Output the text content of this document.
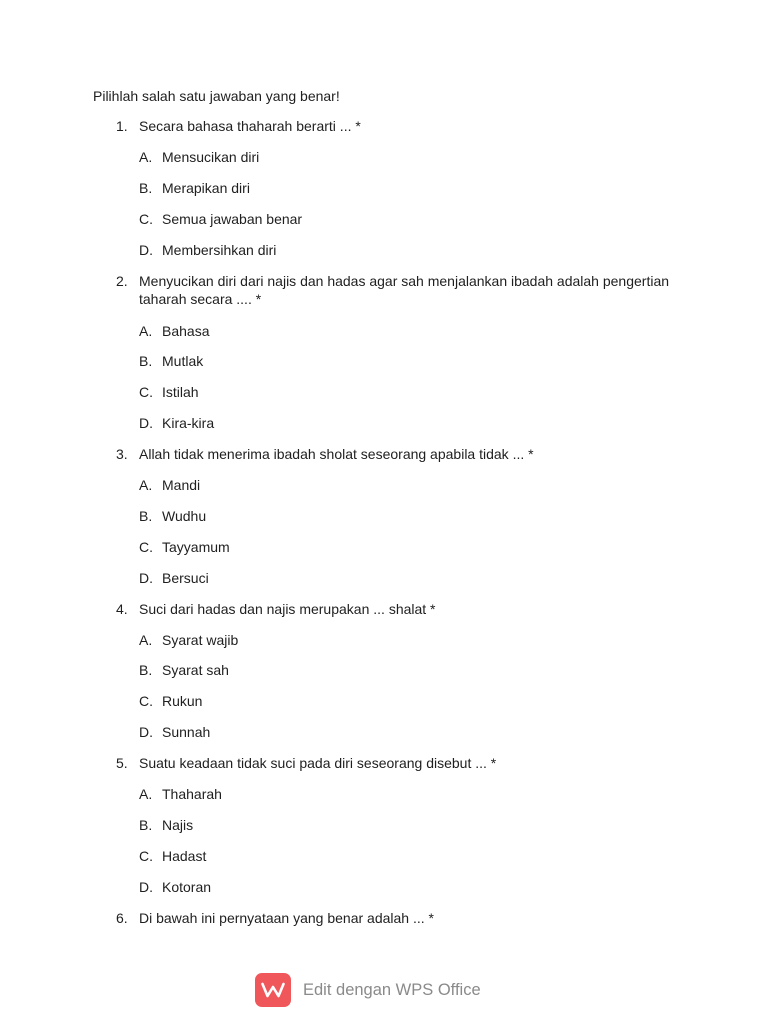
Pilihlah salah satu jawaban yang benar!
1. Secara bahasa thaharah berarti ... *
A. Mensucikan diri
B. Merapikan diri
C. Semua jawaban benar
D. Membersihkan diri
2. Menyucikan diri dari najis dan hadas agar sah menjalankan ibadah adalah pengertian taharah secara .... *
A. Bahasa
B. Mutlak
C. Istilah
D. Kira-kira
3. Allah tidak menerima ibadah sholat seseorang apabila tidak ... *
A. Mandi
B. Wudhu
C. Tayyamum
D. Bersuci
4. Suci dari hadas dan najis merupakan ... shalat *
A. Syarat wajib
B. Syarat sah
C. Rukun
D. Sunnah
5. Suatu keadaan tidak suci pada diri seseorang disebut ... *
A. Thaharah
B. Najis
C. Hadast
D. Kotoran
6. Di bawah ini pernyataan yang benar adalah ... *
Edit dengan WPS Office
